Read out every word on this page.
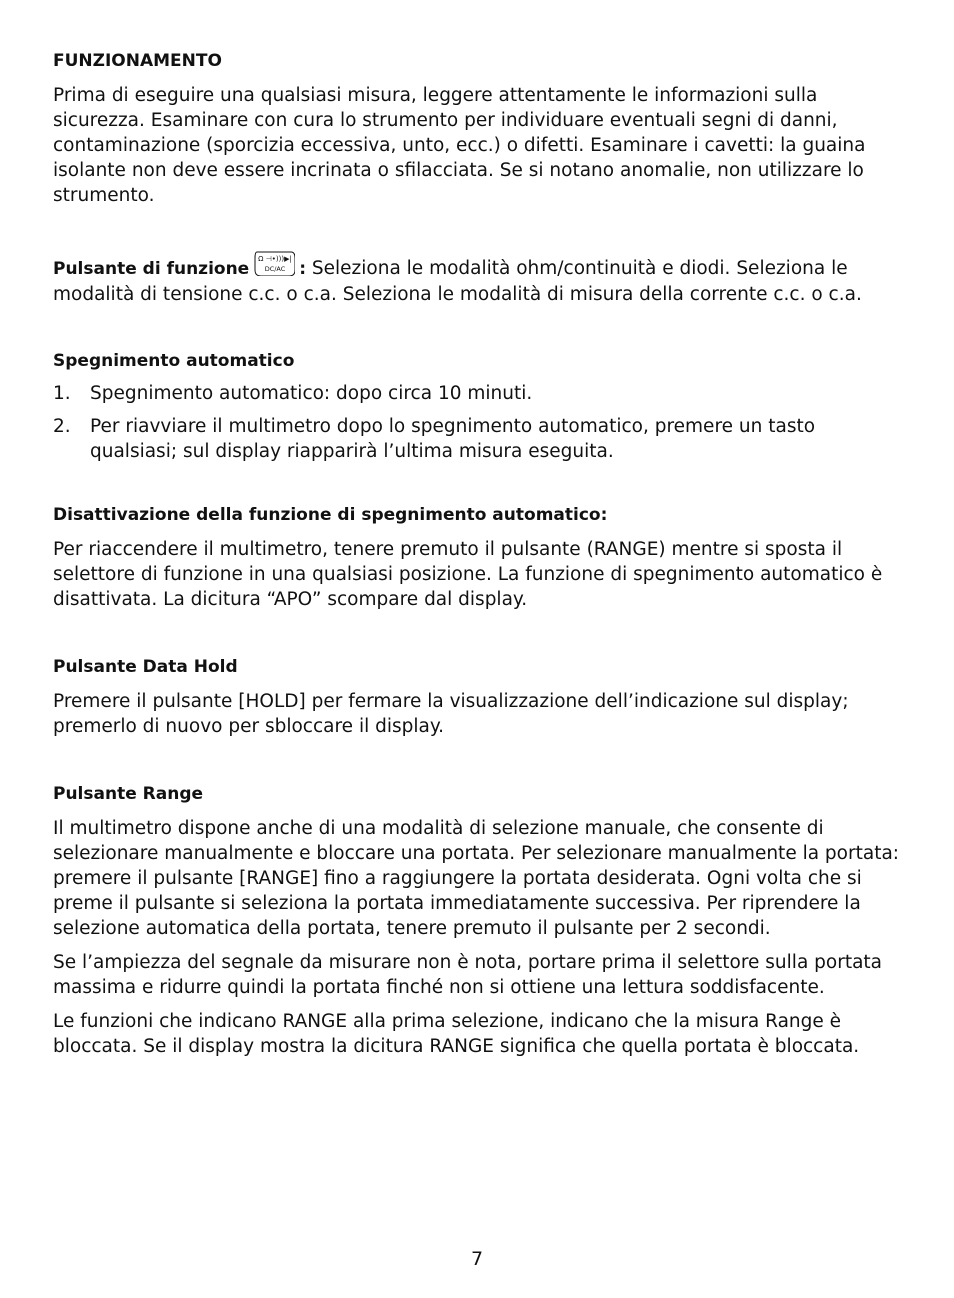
FUNZIONAMENTO

Prima di eseguire una qualsiasi misura, leggere attentamente le informazioni sulla sicurezza. Esaminare con cura lo strumento per individuare eventuali segni di danni, contaminazione (sporcizia eccessiva, unto, ecc.) o difetti. Esaminare i cavetti: la guaina isolante non deve essere incrinata o sfilacciata. Se si notano anomalie, non utilizzare lo strumento.

Pulsante di funzione Ω ⊣•)))▶|
DC/AC : Seleziona le modalità ohm/continuità e diodi. Seleziona le modalità di tensione c.c. o c.a. Seleziona le modalità di misura della corrente c.c. o c.a.

Spegnimento automatico

1. Spegnimento automatico: dopo circa 10 minuti.
2. Per riavviare il multimetro dopo lo spegnimento automatico, premere un tasto qualsiasi; sul display riapparirà l’ultima misura eseguita.

Disattivazione della funzione di spegnimento automatico:

Per riaccendere il multimetro, tenere premuto il pulsante (RANGE) mentre si sposta il selettore di funzione in una qualsiasi posizione. La funzione di spegnimento automatico è disattivata. La dicitura “APO” scompare dal display.

Pulsante Data Hold

Premere il pulsante [HOLD] per fermare la visualizzazione dell’indicazione sul display; premerlo di nuovo per sbloccare il display.

Pulsante Range

Il multimetro dispone anche di una modalità di selezione manuale, che consente di selezionare manualmente e bloccare una portata. Per selezionare manualmente la portata: premere il pulsante [RANGE] fino a raggiungere la portata desiderata. Ogni volta che si preme il pulsante si seleziona la portata immediatamente successiva. Per riprendere la selezione automatica della portata, tenere premuto il pulsante per 2 secondi.

Se l’ampiezza del segnale da misurare non è nota, portare prima il selettore sulla portata massima e ridurre quindi la portata finché non si ottiene una lettura soddisfacente.

Le funzioni che indicano RANGE alla prima selezione, indicano che la misura Range è bloccata. Se il display mostra la dicitura RANGE significa che quella portata è bloccata.

7
